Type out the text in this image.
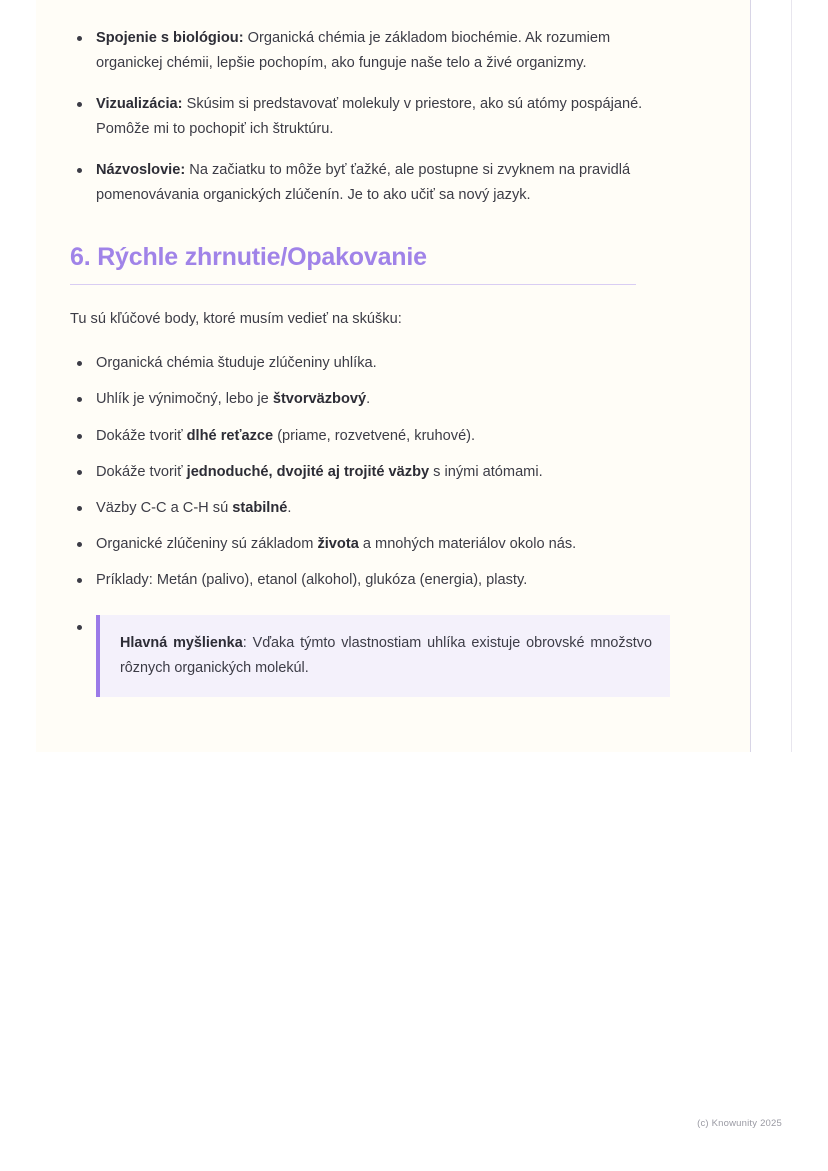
Spojenie s biológiou: Organická chémia je základom biochémie. Ak rozumiem organickej chémii, lepšie pochopím, ako funguje naše telo a živé organizmy.
Vizualizácia: Skúsim si predstavovať molekuly v priestore, ako sú atómy pospájané. Pomôže mi to pochopiť ich štruktúru.
Názvoslovie: Na začiatku to môže byť ťažké, ale postupne si zvyknem na pravidlá pomenovávania organických zlúčenín. Je to ako učiť sa nový jazyk.
6. Rýchle zhrnutie/Opakovanie

Tu sú kľúčové body, ktoré musím vedieť na skúšku:

Organická chémia študuje zlúčeniny uhlíka.
Uhlík je výnimočný, lebo je štvorväzbový.
Dokáže tvoriť dlhé reťazce (priame, rozvetvené, kruhové).
Dokáže tvoriť jednoduché, dvojité aj trojité väzby s inými atómami.
Väzby C-C a C-H sú stabilné.
Organické zlúčeniny sú základom života a mnohých materiálov okolo nás.
Príklady: Metán (palivo), etanol (alkohol), glukóza (energia), plasty.
Hlavná myšlienka: Vďaka týmto vlastnostiam uhlíka existuje obrovské množstvo rôznych organických molekúl.
(c) Knowunity 2025
